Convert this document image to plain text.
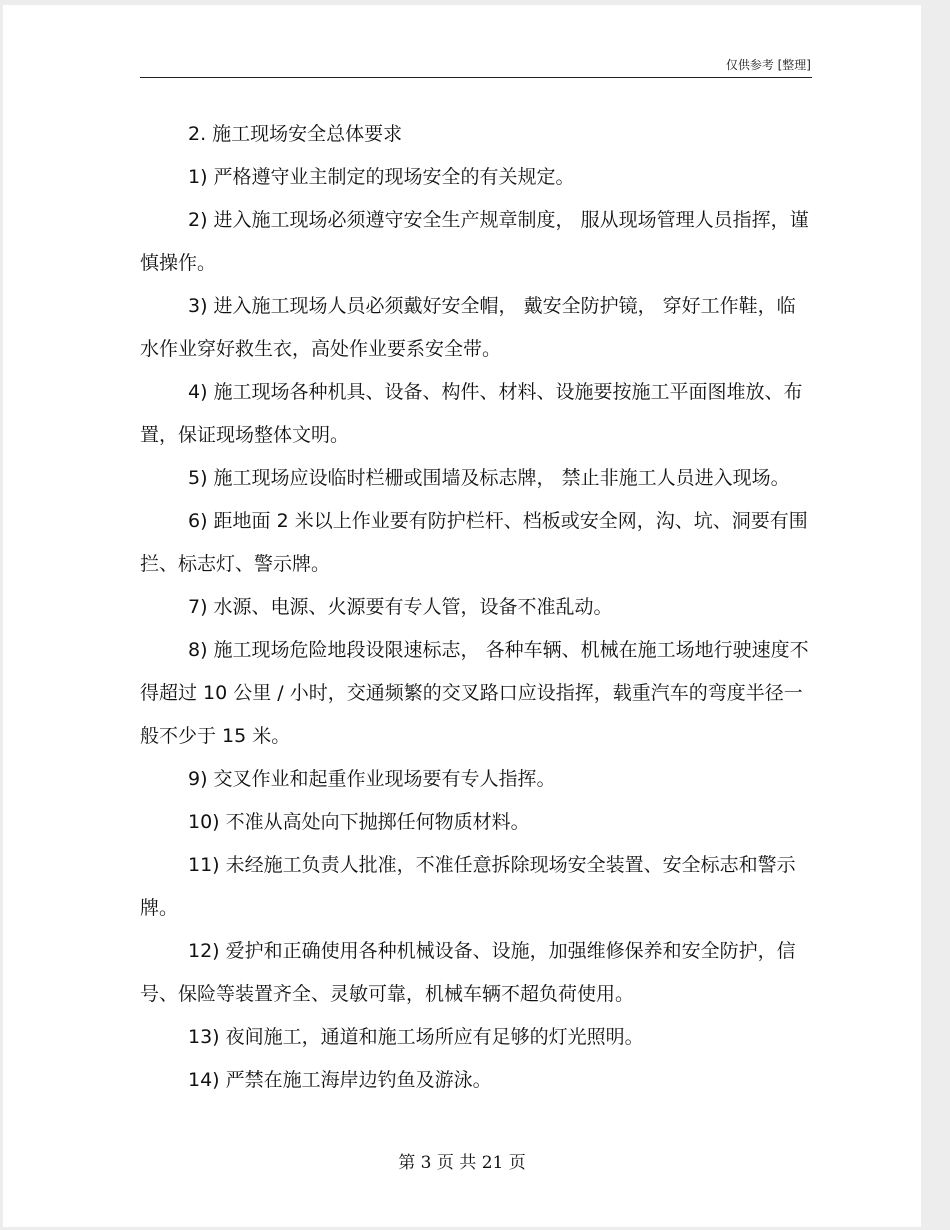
仅供参考 [整理]

2. 施工现场安全总体要求

1) 严格遵守业主制定的现场安全的有关规定。

2) 进入施工现场必须遵守安全生产规章制度， 服从现场管理人员指挥，谨慎操作。

3) 进入施工现场人员必须戴好安全帽， 戴安全防护镜， 穿好工作鞋，临水作业穿好救生衣，高处作业要系安全带。

4) 施工现场各种机具、设备、构件、材料、设施要按施工平面图堆放、布置，保证现场整体文明。

5) 施工现场应设临时栏栅或围墙及标志牌， 禁止非施工人员进入现场。

6) 距地面 2 米以上作业要有防护栏杆、档板或安全网，沟、坑、洞要有围拦、标志灯、警示牌。

7) 水源、电源、火源要有专人管，设备不准乱动。

8) 施工现场危险地段设限速标志， 各种车辆、机械在施工场地行驶速度不得超过 10 公里 / 小时，交通频繁的交叉路口应设指挥，载重汽车的弯度半径一般不少于 15 米。

9) 交叉作业和起重作业现场要有专人指挥。

10) 不准从高处向下抛掷任何物质材料。

11) 未经施工负责人批准，不准任意拆除现场安全装置、安全标志和警示牌。

12) 爱护和正确使用各种机械设备、设施，加强维修保养和安全防护，信号、保险等装置齐全、灵敏可靠，机械车辆不超负荷使用。

13) 夜间施工，通道和施工场所应有足够的灯光照明。

14) 严禁在施工海岸边钓鱼及游泳。

第 3 页 共 21 页
